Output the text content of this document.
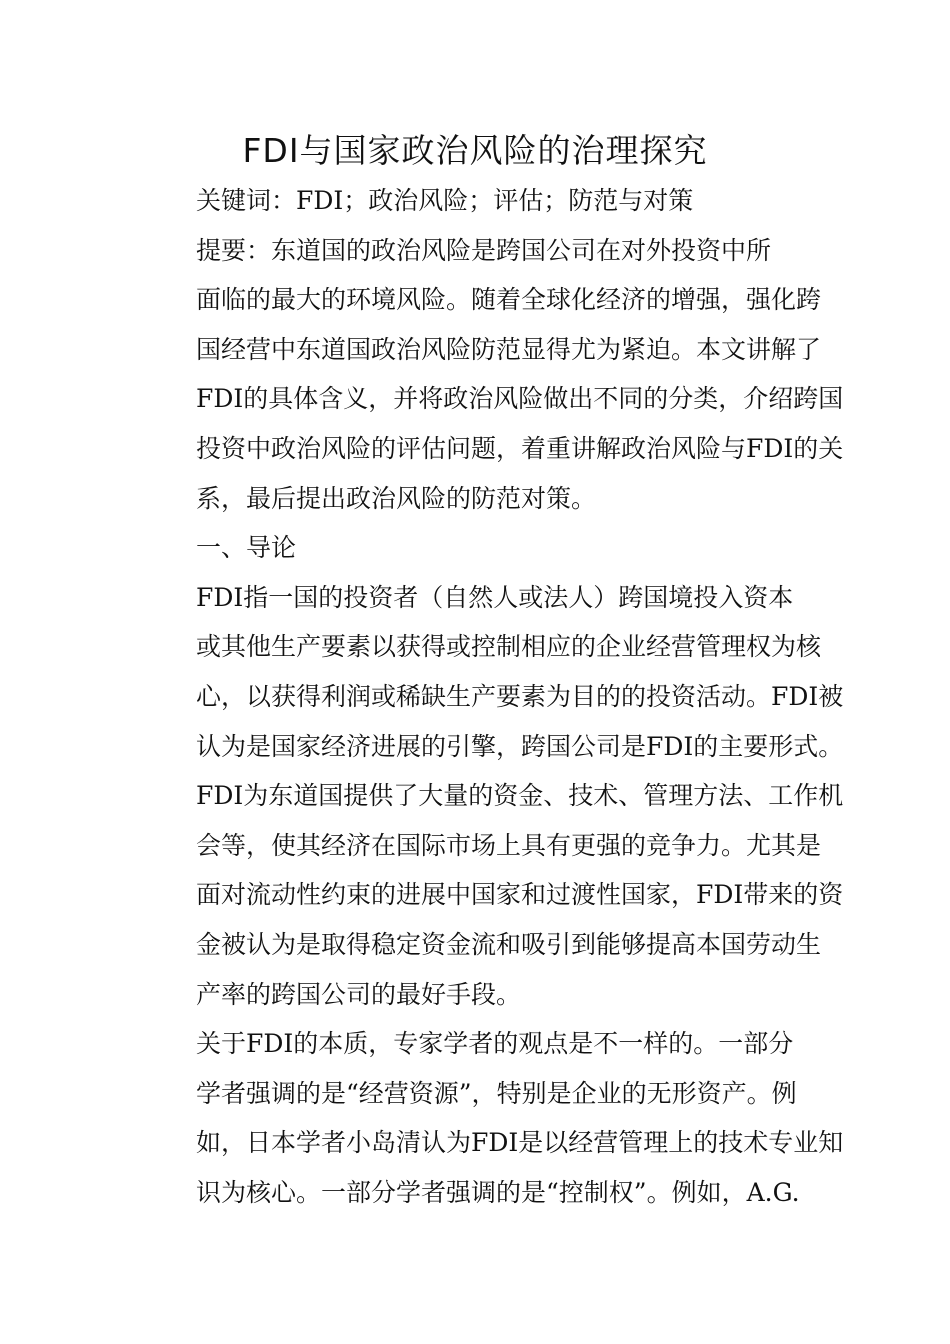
FDI与国家政治风险的治理探究

关键词：FDI；政治风险；评估；防范与对策

提要：东道国的政治风险是跨国公司在对外投资中所
面临的最大的环境风险。随着全球化经济的增强，强化跨
国经营中东道国政治风险防范显得尤为紧迫。本文讲解了
FDI的具体含义，并将政治风险做出不同的分类，介绍跨国
投资中政治风险的评估问题，着重讲解政治风险与FDI的关
系，最后提出政治风险的防范对策。

一、导论

FDI指一国的投资者（自然人或法人）跨国境投入资本
或其他生产要素以获得或控制相应的企业经营管理权为核
心，以获得利润或稀缺生产要素为目的的投资活动。FDI被
认为是国家经济进展的引擎，跨国公司是FDI的主要形式。
FDI为东道国提供了大量的资金、技术、管理方法、工作机
会等，使其经济在国际市场上具有更强的竞争力。尤其是
面对流动性约束的进展中国家和过渡性国家，FDI带来的资
金被认为是取得稳定资金流和吸引到能够提高本国劳动生
产率的跨国公司的最好手段。

关于FDI的本质，专家学者的观点是不一样的。一部分
学者强调的是“经营资源”，特别是企业的无形资产。例
如，日本学者小岛清认为FDI是以经营管理上的技术专业知
识为核心。一部分学者强调的是“控制权”。例如，A.G.
